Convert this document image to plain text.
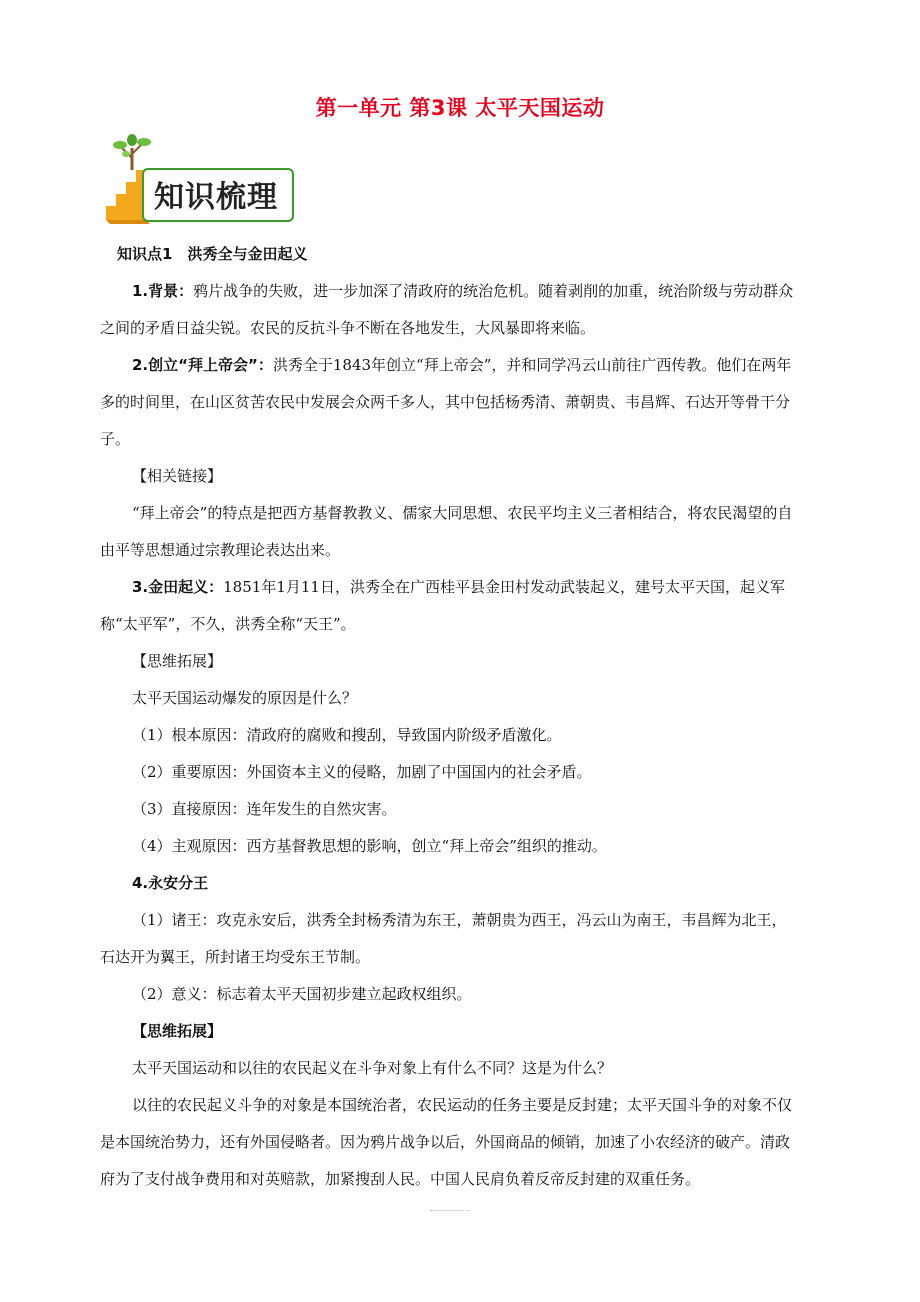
第一单元 第3课 太平天国运动
知识梳理

知识点1　洪秀全与金田起义

1.背景：鸦片战争的失败，进一步加深了清政府的统治危机。随着剥削的加重，统治阶级与劳动群众之间的矛盾日益尖锐。农民的反抗斗争不断在各地发生，大风暴即将来临。

2.创立“拜上帝会”：洪秀全于1843年创立“拜上帝会”，并和同学冯云山前往广西传教。他们在两年多的时间里，在山区贫苦农民中发展会众两千多人，其中包括杨秀清、萧朝贵、韦昌辉、石达开等骨干分子。

【相关链接】

“拜上帝会”的特点是把西方基督教教义、儒家大同思想、农民平均主义三者相结合，将农民渴望的自由平等思想通过宗教理论表达出来。

3.金田起义：1851年1月11日，洪秀全在广西桂平县金田村发动武装起义，建号太平天国，起义军称“太平军”，不久，洪秀全称“天王”。

【思维拓展】

太平天国运动爆发的原因是什么？

（1）根本原因：清政府的腐败和搜刮，导致国内阶级矛盾激化。

（2）重要原因：外国资本主义的侵略，加剧了中国国内的社会矛盾。

（3）直接原因：连年发生的自然灾害。

（4）主观原因：西方基督教思想的影响，创立“拜上帝会”组织的推动。

4.永安分王

（1）诸王：攻克永安后，洪秀全封杨秀清为东王，萧朝贵为西王，冯云山为南王，韦昌辉为北王，石达开为翼王，所封诸王均受东王节制。

（2）意义：标志着太平天国初步建立起政权组织。

【思维拓展】

太平天国运动和以往的农民起义在斗争对象上有什么不同？这是为什么？

以往的农民起义斗争的对象是本国统治者，农民运动的任务主要是反封建；太平天国斗争的对象不仅是本国统治势力，还有外国侵略者。因为鸦片战争以后，外国商品的倾销，加速了小农经济的破产。清政府为了支付战争费用和对英赔款，加紧搜刮人民。中国人民肩负着反帝反封建的双重任务。
